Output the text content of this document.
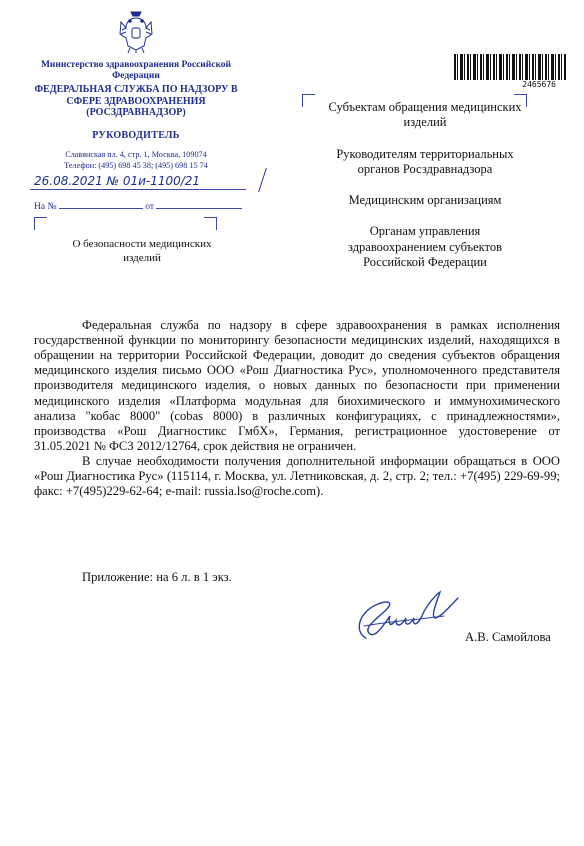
Министерство здравоохранения Российской Федерации
ФЕДЕРАЛЬНАЯ СЛУЖБА ПО НАДЗОРУ В СФЕРЕ ЗДРАВООХРАНЕНИЯ (РОСЗДРАВНАДЗОР)
РУКОВОДИТЕЛЬ
Славянская пл. 4, стр. 1, Москва, 109074
Телефон: (495) 698 45 38; (495) 698 15 74
26.08.2021 № 01и-1100/21
На №	от
О безопасности медицинских изделий
2465676
Субъектам обращения медицинских изделий
Руководителям территориальных органов Росздравнадзора
Медицинским организациям
Органам управления здравоохранением субъектов Российской Федерации

Федеральная служба по надзору в сфере здравоохранения в рамках исполнения государственной функции по мониторингу безопасности медицинских изделий, находящихся в обращении на территории Российской Федерации, доводит до сведения субъектов обращения медицинского изделия письмо ООО «Рош Диагностика Рус», уполномоченного представителя производителя медицинского изделия, о новых данных по безопасности при применении медицинского изделия «Платформа модульная для биохимического и иммунохимического анализа "кобас 8000" (cobas 8000) в различных конфигурациях, с принадлежностями», производства «Рош Диагностикс ГмбХ», Германия, регистрационное удостоверение от 31.05.2021 № ФСЗ 2012/12764, срок действия не ограничен.

В случае необходимости получения дополнительной информации обращаться в ООО «Рош Диагностика Рус» (115114, г. Москва, ул. Летниковская, д. 2, стр. 2; тел.: +7(495) 229-69-99; факс: +7(495)229-62-64; e-mail: russia.lso@roche.com).

Приложение: на 6 л. в 1 экз.
А.В. Самойлова
